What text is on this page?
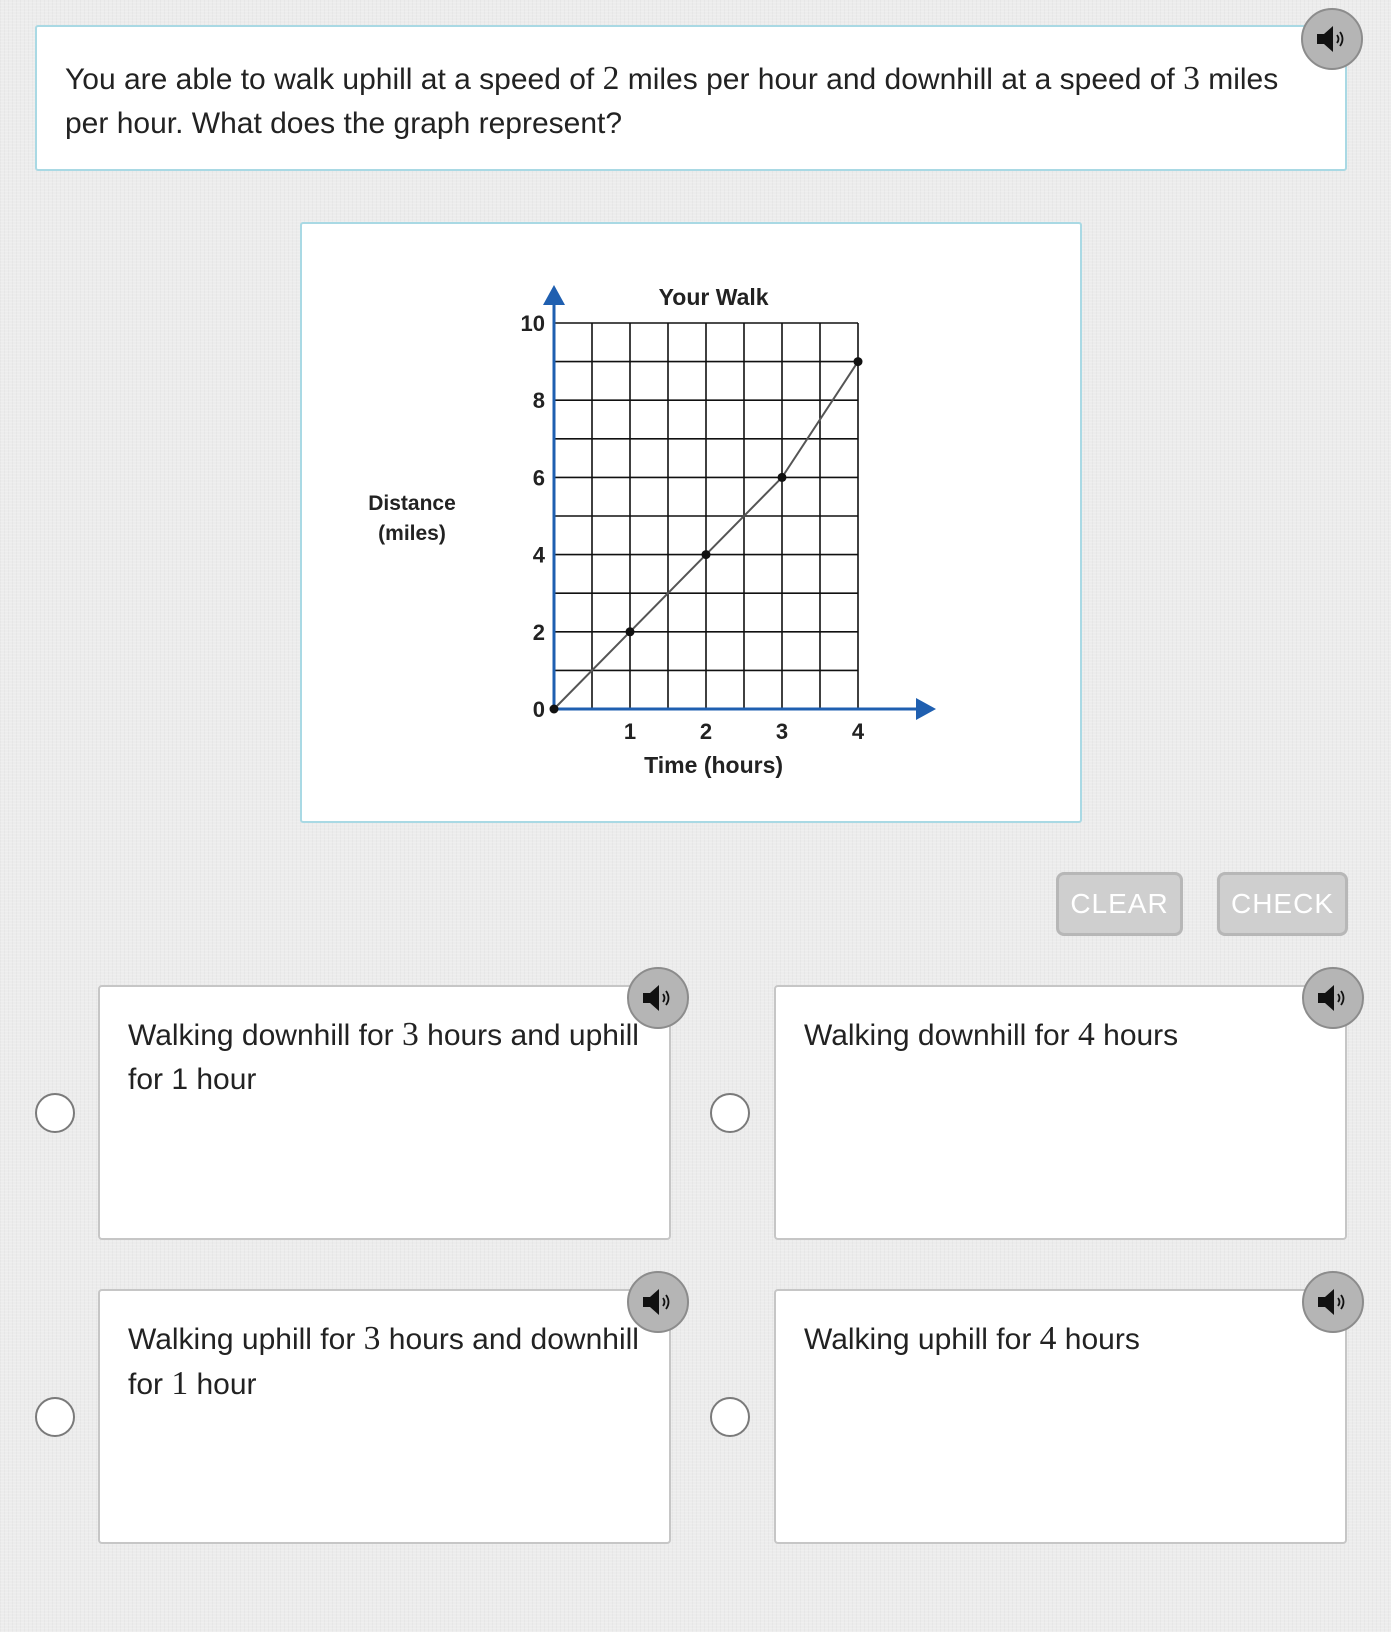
You are able to walk uphill at a speed of 2 miles per hour and downhill at a speed of 3 miles per hour. What does the graph represent?
0
2
4
6
8
10
1	2	3	4
Your Walk
Time (hours)
Distance
(miles)
CLEAR	CHECK
Walking downhill for 3 hours and uphill for 1 hour
Walking downhill for 4 hours
Walking uphill for 3 hours and downhill for 1 hour
Walking uphill for 4 hours
